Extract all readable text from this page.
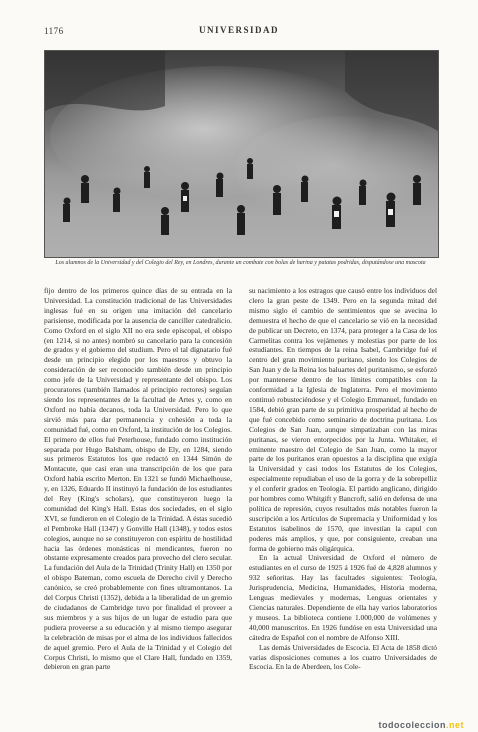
1176	UNIVERSIDAD
Los alumnos de la Universidad y del Colegio del Rey, en Londres, durante un combate con bolas de harina y patatas podridas, disputándose una mascota

fijo dentro de los primeros quince días de su entrada en la Universidad. La constitución tradicional de las Universidades inglesas fué en su origen una imitación del cancelario parisiense, modificada por la ausencia de canciller catedralicio. Como Oxford en el siglo XII no era sede episcopal, el obispo (en 1214, si no antes) nombró su cancelario para la concesión de grados y el gobierno del studium. Pero el tal dignatario fué desde un principio elegido por los maestros y obtuvo la consideración de ser reconocido también desde un principio como jefe de la Universidad y representante del obispo. Los procuratores (también llamados al principio rectores) seguían siendo los representantes de la facultad de Artes y, como en Oxford no había decanos, toda la Universidad. Pero lo que sirvió más para dar permanencia y cohesión a toda la comunidad fué, como en Oxford, la institución de los Colegios. El primero de ellos fué Peterhouse, fundado como institución separada por Hugo Balsham, obispo de Ely, en 1284, siendo sus primeros Estatutos los que redactó en 1344 Simón de Montacute, que casi eran una transcripción de los que para Oxford había escrito Merton. En 1321 se fundó Michaelhouse, y, en 1326, Eduardo II instituyó la fundación de los estudiantes del Rey (King's scholars), que constituyeron luego la comunidad del King's Hall. Estas dos sociedades, en el siglo XVI, se fundieron en el Colegio de la Trinidad. A éstas sucedió el Pembroke Hall (1347) y Gonville Hall (1348), y todos estos colegios, aunque no se constituyeron con espíritu de hostilidad hacia las órdenes monásticas ni mendicantes, fueron no obstante expresamente creados para provecho del clero secular. La fundación del Aula de la Trinidad (Trinity Hall) en 1350 por el obispo Bateman, como escuela de Derecho civil y Derecho canónico, se creó probablemente con fines ultramontanos. La del Corpus Christi (1352), debida a la liberalidad de un gremio de ciudadanos de Cambridge tuvo por finalidad el proveer a sus miembros y a sus hijos de un lugar de estudio para que pudiera proveerse a su educación y al mismo tiempo asegurar la celebración de misas por el alma de los individuos fallecidos de aquel gremio. Pero el Aula de la Trinidad y el Colegio del Corpus Christi, lo mismo que el Clare Hall, fundado en 1359, debieron en gran parte

su nacimiento a los estragos que causó entre los individuos del clero la gran peste de 1349. Pero en la segunda mitad del mismo siglo el cambio de sentimientos que se avecina lo demuestra el hecho de que el cancelario se vió en la necesidad de publicar un Decreto, en 1374, para proteger a la Casa de los Carmelitas contra los vejámenes y molestias por parte de los estudiantes. En tiempos de la reina Isabel, Cambridge fué el centro del gran movimiento puritano, siendo los Colegios de San Juan y de la Reina los baluartes del puritanismo, se esforzó por mantenerse dentro de los límites compatibles con la conformidad a la Iglesia de Inglaterra. Pero el movimiento continuó robusteciéndose y el Colegio Emmanuel, fundado en 1584, debió gran parte de su primitiva prosperidad al hecho de que fué concebido como seminario de doctrina puritana. Los Colegios de San Juan, aunque simpatizaban con las miras puritanas, se vieron entorpecidos por la Junta. Whitaker, el eminente maestro del Colegio de San Juan, como la mayor parte de los puritanos eran opuestos a la disciplina que exigía la Universidad y casi todos los Estatutos de los Colegios, especialmente repudiaban el uso de la gorra y de la sobrepelliz y el conferir grados en Teología. El partido anglicano, dirigido por hombres como Whitgift y Bancroft, salió en defensa de una política de represión, cuyos resultados más notables fueron la suscripción a los Artículos de Supremacía y Uniformidad y los Estatutos isabelinos de 1570, que investían la capul con poderes más amplios, y que, por consiguiente, creaban una forma de gobierno más oligárquica.

En la actual Universidad de Oxford el número de estudiantes en el curso de 1925 á 1926 fué de 4,828 alumnos y 932 señoritas. Hay las facultades siguientes: Teología, Jurisprudencia, Medicina, Humanidades, Historia moderna, Lenguas medievales y modernas, Lenguas orientales y Ciencias naturales. Dependiente de ella hay varios laboratorios y museos. La biblioteca contiene 1.000,000 de volúmenes y 40,000 manuscritos. En 1926 fundóse en esta Universidad una cátedra de Español con el nombre de Alfonso XIII.

Las demás Universidades de Escocia. El Acta de 1858 dictó varias disposiciones comunes a los cuatro Universidades de Escocia. En la de Aberdeen, los Cole-

todocoleccion.net
